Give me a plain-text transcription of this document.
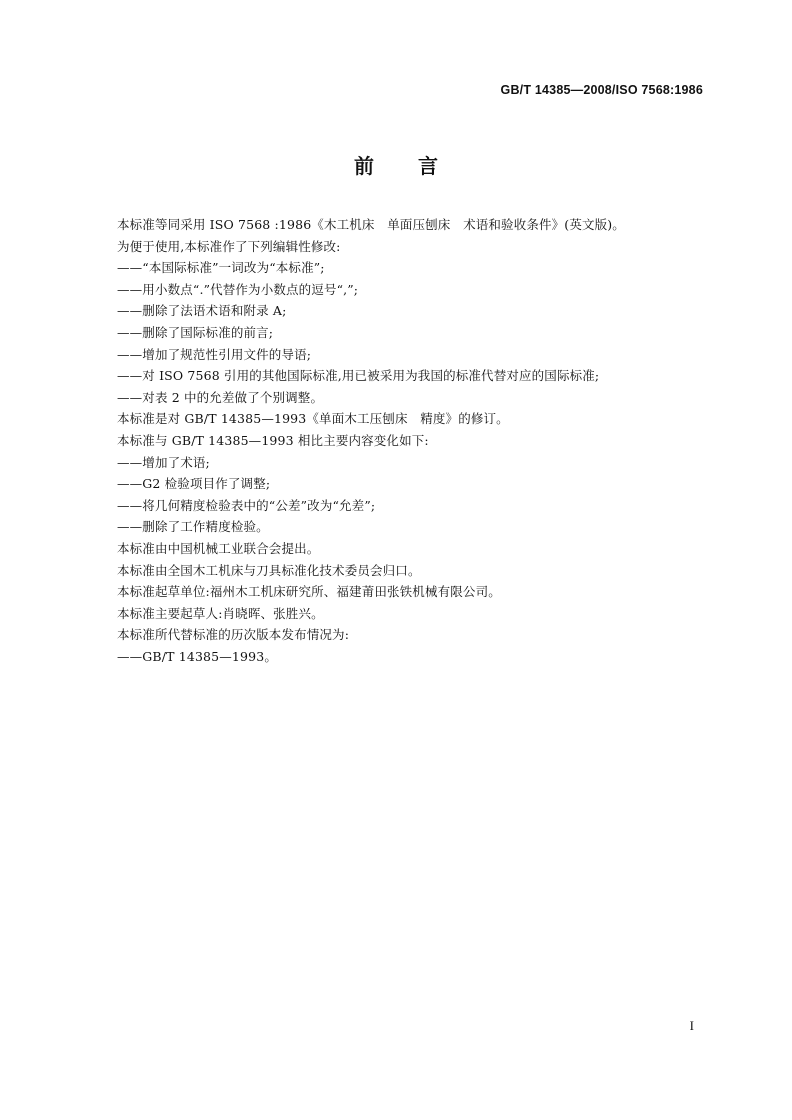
GB/T 14385—2008/ISO 7568:1986
前 言
本标准等同采用 ISO 7568 :1986《木工机床　单面压刨床　术语和验收条件》(英文版)。
为便于使用,本标准作了下列编辑性修改:
——“本国际标准”一词改为“本标准”;
——用小数点“.”代替作为小数点的逗号“,”;
——删除了法语术语和附录 A;
——删除了国际标准的前言;
——增加了规范性引用文件的导语;
——对 ISO 7568 引用的其他国际标准,用已被采用为我国的标准代替对应的国际标准;
——对表 2 中的允差做了个别调整。
本标准是对 GB/T 14385—1993《单面木工压刨床　精度》的修订。
本标准与 GB/T 14385—1993 相比主要内容变化如下:
——增加了术语;
——G2 检验项目作了调整;
——将几何精度检验表中的“公差”改为“允差”;
——删除了工作精度检验。
本标准由中国机械工业联合会提出。
本标准由全国木工机床与刀具标准化技术委员会归口。
本标准起草单位:福州木工机床研究所、福建莆田张铁机械有限公司。
本标准主要起草人:肖晓晖、张胜兴。
本标准所代替标准的历次版本发布情况为:
——GB/T 14385—1993。
I
